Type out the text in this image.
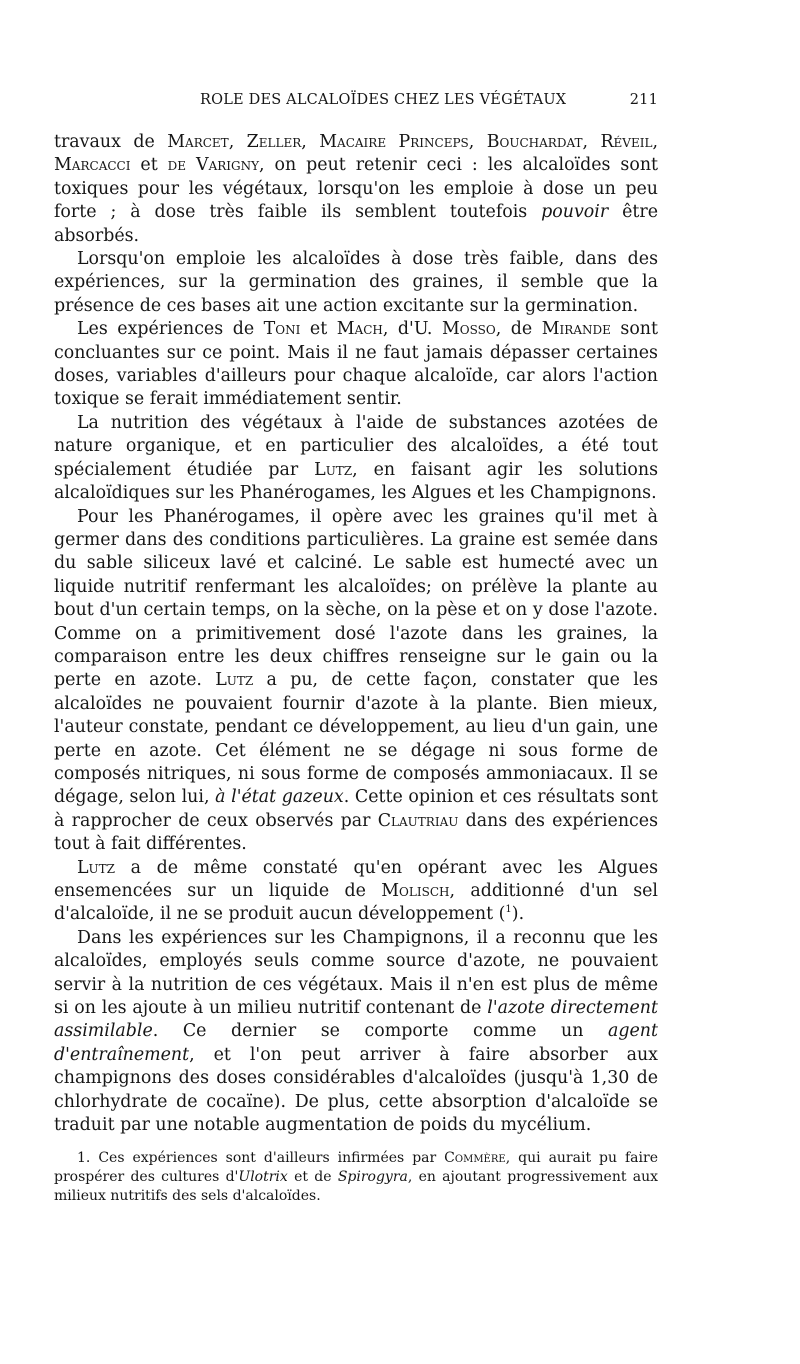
ROLE DES ALCALOÏDES CHEZ LES VÉGÉTAUX	211

travaux de Marcet, Zeller, Macaire Princeps, Bouchardat, Réveil, Marcacci et de Varigny, on peut retenir ceci : les alcaloïdes sont toxiques pour les végétaux, lorsqu'on les emploie à dose un peu forte ; à dose très faible ils semblent toutefois pouvoir être absorbés.

Lorsqu'on emploie les alcaloïdes à dose très faible, dans des expériences, sur la germination des graines, il semble que la présence de ces bases ait une action excitante sur la germination.

Les expériences de Toni et Mach, d'U. Mosso, de Mirande sont concluantes sur ce point. Mais il ne faut jamais dépasser certaines doses, variables d'ailleurs pour chaque alcaloïde, car alors l'action toxique se ferait immédiatement sentir.

La nutrition des végétaux à l'aide de substances azotées de nature organique, et en particulier des alcaloïdes, a été tout spécialement étudiée par Lutz, en faisant agir les solutions alcaloïdiques sur les Phanérogames, les Algues et les Champignons.

Pour les Phanérogames, il opère avec les graines qu'il met à germer dans des conditions particulières. La graine est semée dans du sable siliceux lavé et calciné. Le sable est humecté avec un liquide nutritif renfermant les alcaloïdes; on prélève la plante au bout d'un certain temps, on la sèche, on la pèse et on y dose l'azote. Comme on a primitivement dosé l'azote dans les graines, la comparaison entre les deux chiffres renseigne sur le gain ou la perte en azote. Lutz a pu, de cette façon, constater que les alcaloïdes ne pouvaient fournir d'azote à la plante. Bien mieux, l'auteur constate, pendant ce développement, au lieu d'un gain, une perte en azote. Cet élément ne se dégage ni sous forme de composés nitriques, ni sous forme de composés ammoniacaux. Il se dégage, selon lui, à l'état gazeux. Cette opinion et ces résultats sont à rapprocher de ceux observés par Clautriau dans des expériences tout à fait différentes.

Lutz a de même constaté qu'en opérant avec les Algues ensemencées sur un liquide de Molisch, additionné d'un sel d'alcaloïde, il ne se produit aucun développement ($^1$).

Dans les expériences sur les Champignons, il a reconnu que les alcaloïdes, employés seuls comme source d'azote, ne pouvaient servir à la nutrition de ces végétaux. Mais il n'en est plus de même si on les ajoute à un milieu nutritif contenant de l'azote directement assimilable. Ce dernier se comporte comme un agent d'entraînement, et l'on peut arriver à faire absorber aux champignons des doses considérables d'alcaloïdes (jusqu'à 1,30 de chlorhydrate de cocaïne). De plus, cette absorption d'alcaloïde se traduit par une notable augmentation de poids du mycélium.

1. Ces expériences sont d'ailleurs infirmées par Commère, qui aurait pu faire prospérer des cultures d'Ulotrix et de Spirogyra, en ajoutant progressivement aux milieux nutritifs des sels d'alcaloïdes.
